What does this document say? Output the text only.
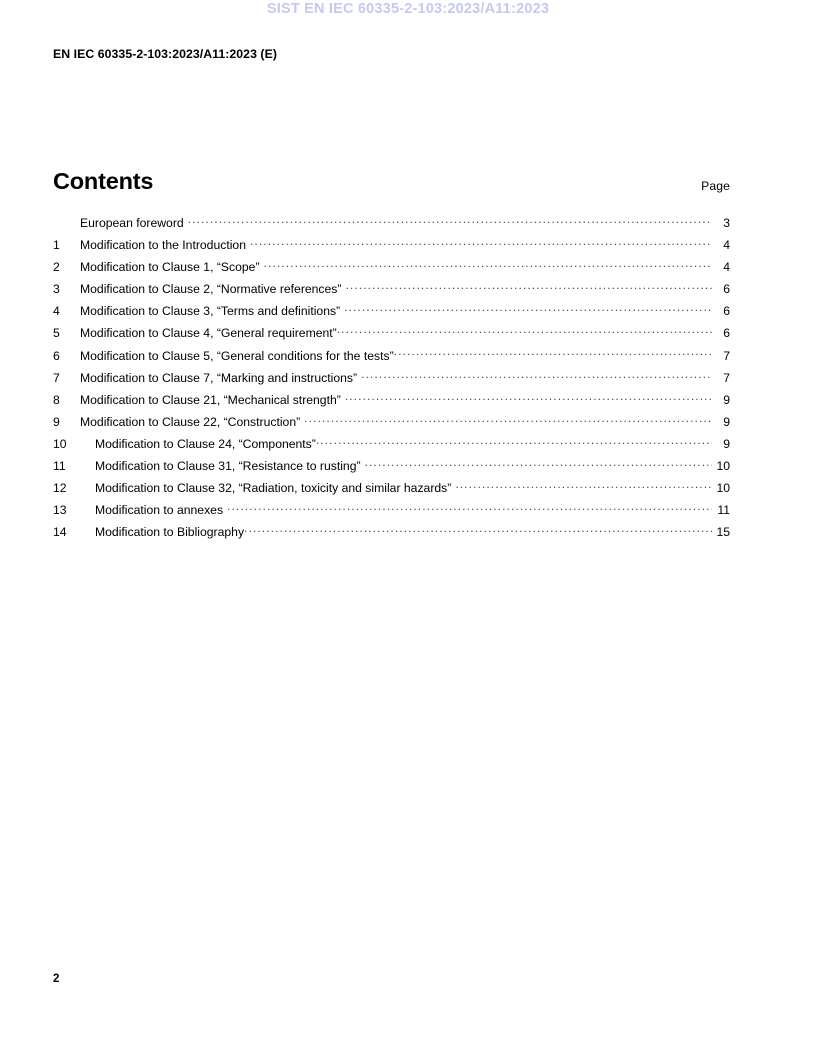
SIST EN IEC 60335-2-103:2023/A11:2023
EN IEC 60335-2-103:2023/A11:2023 (E)
Contents	Page
European foreword .....	3
1	Modification to the Introduction .....	4
2	Modification to Clause 1, “Scope” .....	4
3	Modification to Clause 2, “Normative references” .....	6
4	Modification to Clause 3, “Terms and definitions” .....	6
5	Modification to Clause 4, “General requirement” .....	6
6	Modification to Clause 5, “General conditions for the tests” .....	7
7	Modification to Clause 7, “Marking and instructions” .....	7
8	Modification to Clause 21, “Mechanical strength” .....	9
9	Modification to Clause 22, “Construction” .....	9
10	Modification to Clause 24, “Components” .....	9
11	Modification to Clause 31, “Resistance to rusting” .....	10
12	Modification to Clause 32, “Radiation, toxicity and similar hazards” .....	10
13	Modification to annexes .....	11
14	Modification to Bibliography .....	15
2
